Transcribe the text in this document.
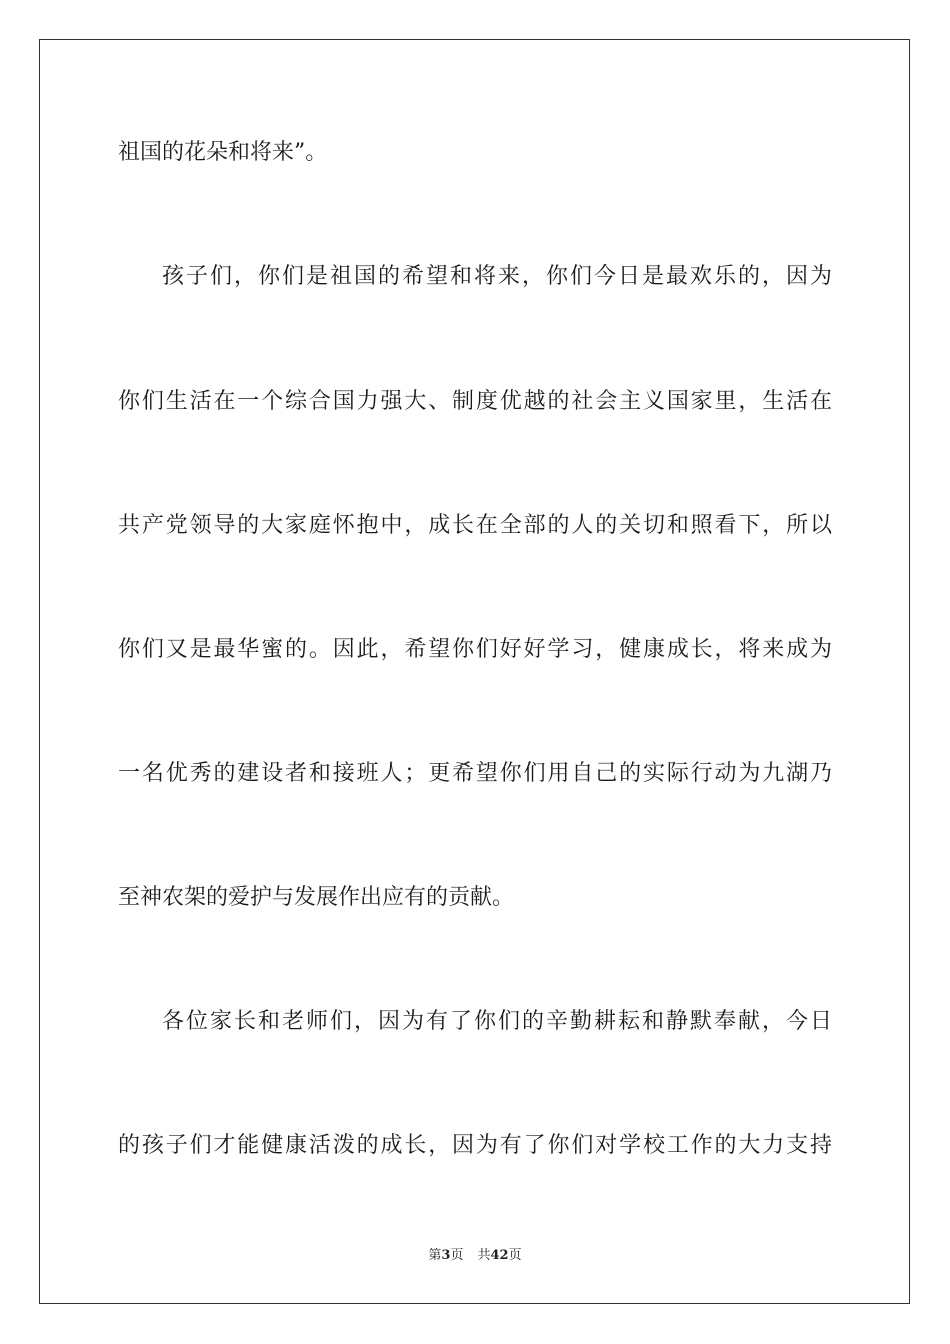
祖国的花朵和将来”。
孩子们，你们是祖国的希望和将来，你们今日是最欢乐的，因为
你们生活在一个综合国力强大、制度优越的社会主义国家里，生活在
共产党领导的大家庭怀抱中，成长在全部的人的关切和照看下，所以
你们又是最华蜜的。因此，希望你们好好学习，健康成长，将来成为
一名优秀的建设者和接班人；更希望你们用自己的实际行动为九湖乃
至神农架的爱护与发展作出应有的贡献。
各位家长和老师们，因为有了你们的辛勤耕耘和静默奉献，今日
的孩子们才能健康活泼的成长，因为有了你们对学校工作的大力支持
第3页 共42页
